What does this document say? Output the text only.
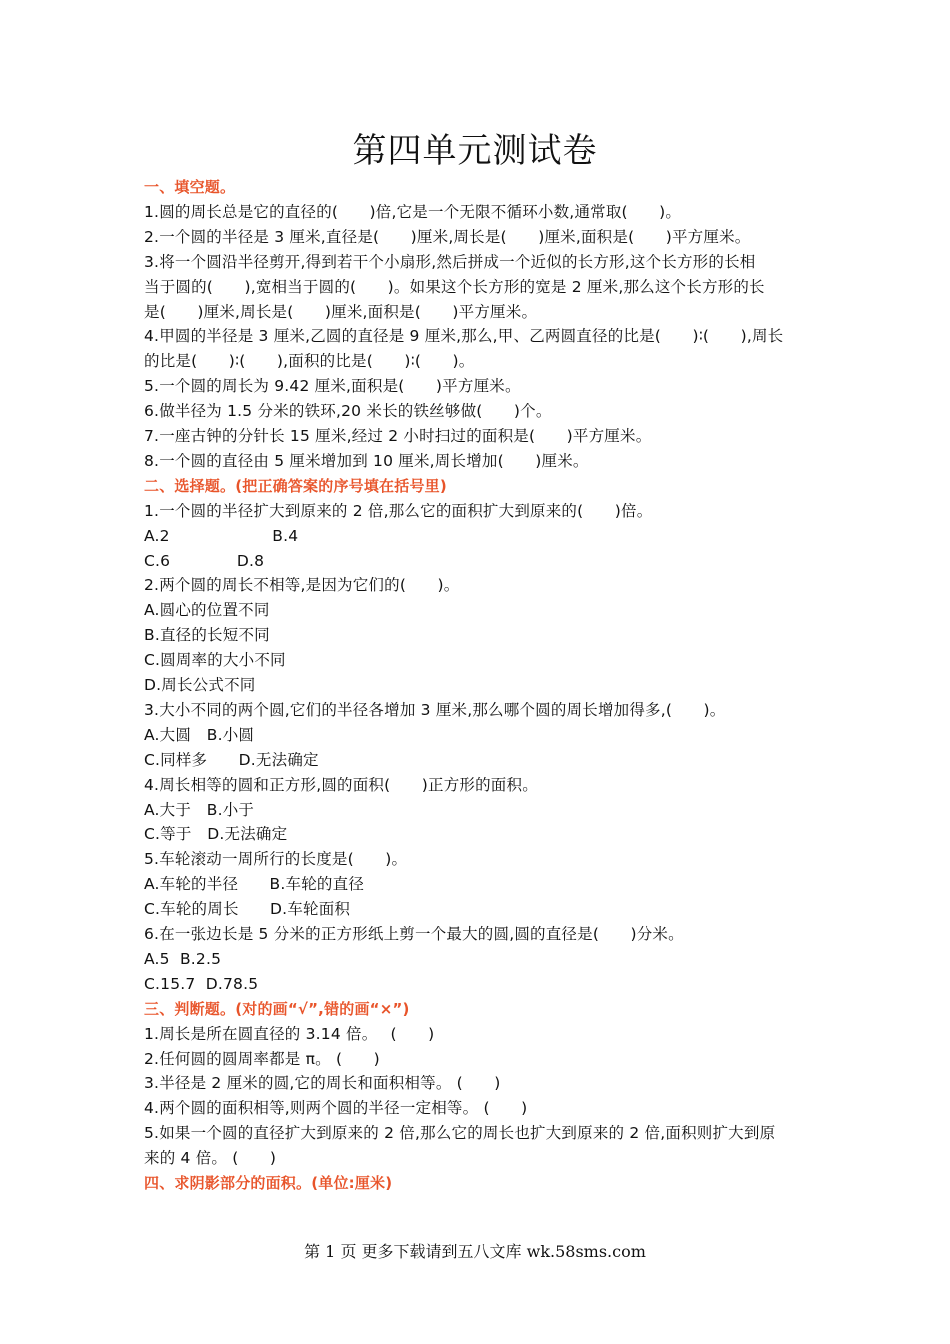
第四单元测试卷
一、填空题。
1.圆的周长总是它的直径的(　　)倍,它是一个无限不循环小数,通常取(　　)。
2.一个圆的半径是 3 厘米,直径是(　　)厘米,周长是(　　)厘米,面积是(　　)平方厘米。
3.将一个圆沿半径剪开,得到若干个小扇形,然后拼成一个近似的长方形,这个长方形的长相
当于圆的(　　),宽相当于圆的(　　)。如果这个长方形的宽是 2 厘米,那么这个长方形的长
是(　　)厘米,周长是(　　)厘米,面积是(　　)平方厘米。
4.甲圆的半径是 3 厘米,乙圆的直径是 9 厘米,那么,甲、乙两圆直径的比是(　　)∶(　　),周长
的比是(　　)∶(　　),面积的比是(　　)∶(　　)。
5.一个圆的周长为 9.42 厘米,面积是(　　)平方厘米。
6.做半径为 1.5 分米的铁环,20 米长的铁丝够做(　　)个。
7.一座古钟的分针长 15 厘米,经过 2 小时扫过的面积是(　　)平方厘米。
8.一个圆的直径由 5 厘米增加到 10 厘米,周长增加(　　)厘米。
二、选择题。(把正确答案的序号填在括号里)
1.一个圆的半径扩大到原来的 2 倍,那么它的面积扩大到原来的(　　)倍。
A.2                    B.4
C.6             D.8
2.两个圆的周长不相等,是因为它们的(　　)。
A.圆心的位置不同
B.直径的长短不同
C.圆周率的大小不同
D.周长公式不同
3.大小不同的两个圆,它们的半径各增加 3 厘米,那么哪个圆的周长增加得多,(　　)。
A.大圆　B.小圆
C.同样多　　D.无法确定
4.周长相等的圆和正方形,圆的面积(　　)正方形的面积。
A.大于　B.小于
C.等于　D.无法确定
5.车轮滚动一周所行的长度是(　　)。
A.车轮的半径　　B.车轮的直径
C.车轮的周长　　D.车轮面积
6.在一张边长是 5 分米的正方形纸上剪一个最大的圆,圆的直径是(　　)分米。
A.5  B.2.5
C.15.7  D.78.5
三、判断题。(对的画“√”,错的画“×”)
1.周长是所在圆直径的 3.14 倍。　 (　　)
2.任何圆的圆周率都是 π。 (　　)
3.半径是 2 厘米的圆,它的周长和面积相等。 (　　)
4.两个圆的面积相等,则两个圆的半径一定相等。 (　　)
5.如果一个圆的直径扩大到原来的 2 倍,那么它的周长也扩大到原来的 2 倍,面积则扩大到原
来的 4 倍。 (　　)
四、求阴影部分的面积。(单位:厘米)
第 1 页 更多下载请到五八文库 wk.58sms.com
